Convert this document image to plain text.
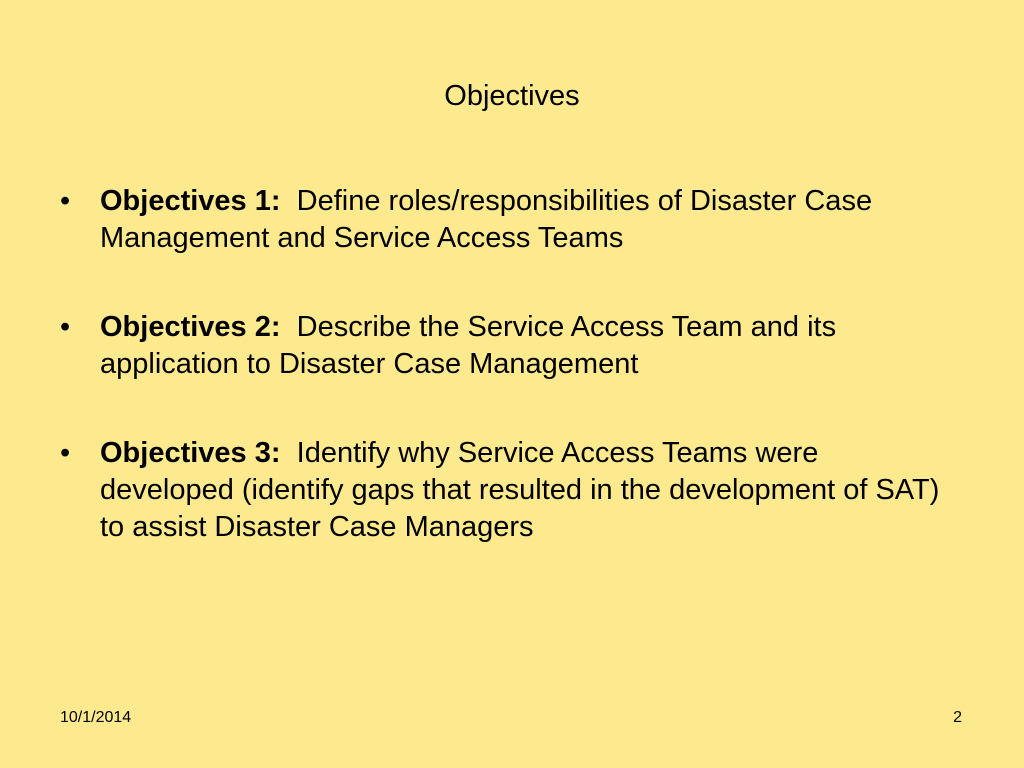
Objectives
•	Objectives 1: Define roles/responsibilities of Disaster Case Management and Service Access Teams
•	Objectives 2: Describe the Service Access Team and its application to Disaster Case Management
•	Objectives 3: Identify why Service Access Teams were developed (identify gaps that resulted in the development of SAT) to assist Disaster Case Managers
10/1/2014	2
